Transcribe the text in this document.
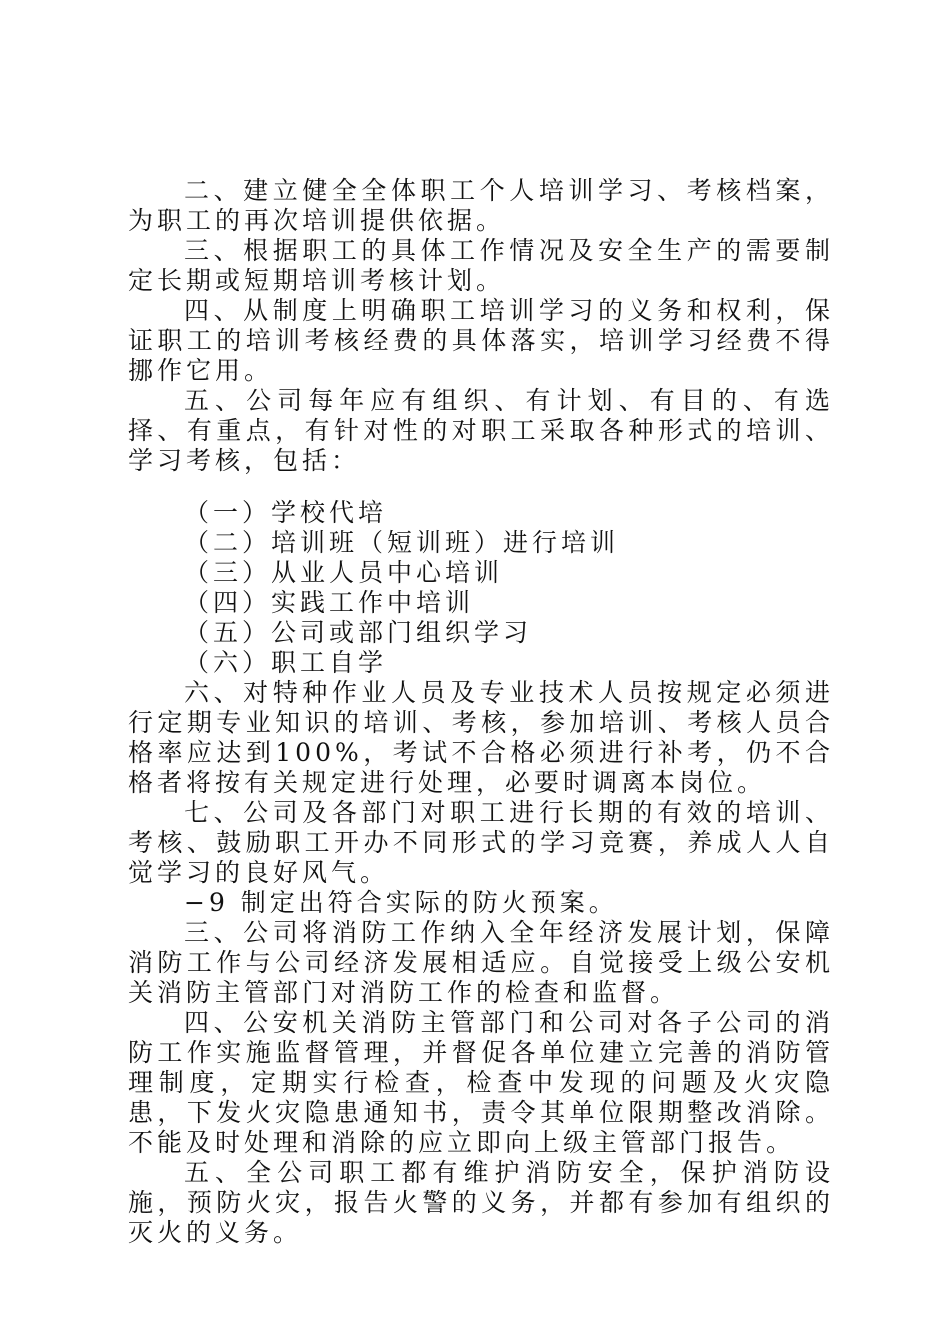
二、建立健全全体职工个人培训学习、考核档案，为职工的再次培训提供依据。

三、根据职工的具体工作情况及安全生产的需要制定长期或短期培训考核计划。

四、从制度上明确职工培训学习的义务和权利，保证职工的培训考核经费的具体落实，培训学习经费不得挪作它用。

五、公司每年应有组织、有计划、有目的、有选择、有重点，有针对性的对职工采取各种形式的培训、学习考核，包括：

（一）学校代培
（二）培训班（短训班）进行培训
（三）从业人员中心培训
（四）实践工作中培训
（五）公司或部门组织学习
（六）职工自学

六、对特种作业人员及专业技术人员按规定必须进行定期专业知识的培训、考核，参加培训、考核人员合格率应达到100%，考试不合格必须进行补考，仍不合格者将按有关规定进行处理，必要时调离本岗位。

七、公司及各部门对职工进行长期的有效的培训、考核、鼓励职工开办不同形式的学习竞赛，养成人人自觉学习的良好风气。

−9 制定出符合实际的防火预案。

三、公司将消防工作纳入全年经济发展计划，保障消防工作与公司经济发展相适应。自觉接受上级公安机关消防主管部门对消防工作的检查和监督。

四、公安机关消防主管部门和公司对各子公司的消防工作实施监督管理，并督促各单位建立完善的消防管理制度，定期实行检查，检查中发现的问题及火灾隐患，下发火灾隐患通知书，责令其单位限期整改消除。不能及时处理和消除的应立即向上级主管部门报告。

五、全公司职工都有维护消防安全，保护消防设施，预防火灾，报告火警的义务，并都有参加有组织的灭火的义务。
